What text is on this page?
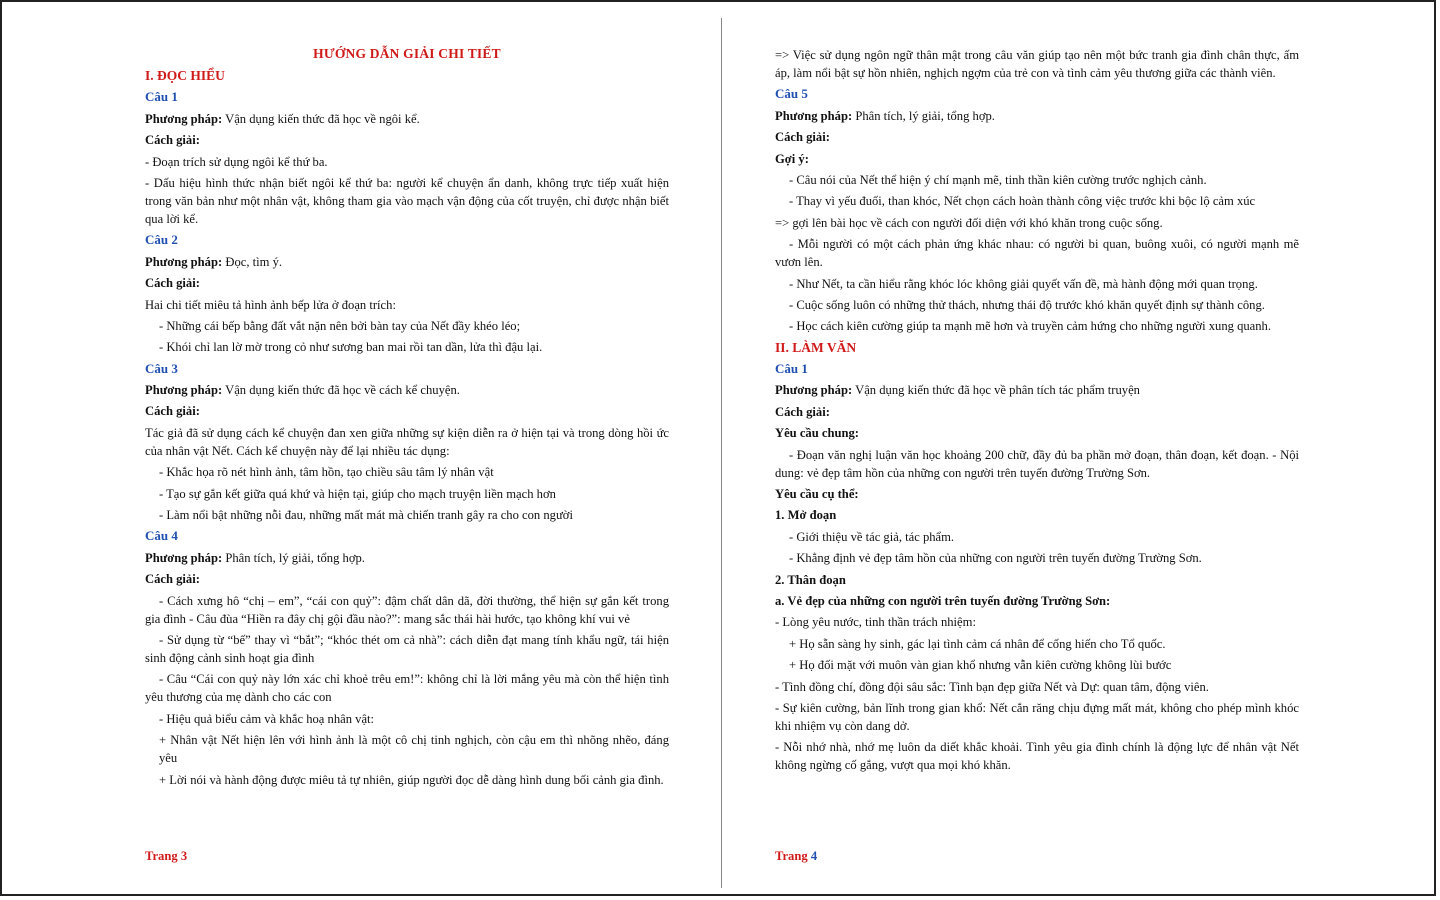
HƯỚNG DẪN GIẢI CHI TIẾT

I. ĐỌC HIỂU

Câu 1

Phương pháp: Vận dụng kiến thức đã học về ngôi kể.

Cách giải:

- Đoạn trích sử dụng ngôi kể thứ ba.

- Dấu hiệu hình thức nhận biết ngôi kể thứ ba: người kể chuyện ẩn danh, không trực tiếp xuất hiện trong văn bản như một nhân vật, không tham gia vào mạch vận động của cốt truyện, chỉ được nhận biết qua lời kể.

Câu 2

Phương pháp: Đọc, tìm ý.

Cách giải:

Hai chi tiết miêu tả hình ảnh bếp lửa ở đoạn trích:

- Những cái bếp bằng đất vắt nặn nên bởi bàn tay của Nết đầy khéo léo;

- Khói chỉ lan lờ mờ trong cỏ như sương ban mai rồi tan dần, lửa thì đậu lại.

Câu 3

Phương pháp: Vận dụng kiến thức đã học về cách kể chuyện.

Cách giải:

Tác giả đã sử dụng cách kể chuyện đan xen giữa những sự kiện diễn ra ở hiện tại và trong dòng hồi ức của nhân vật Nết. Cách kể chuyện này để lại nhiều tác dụng:

- Khắc họa rõ nét hình ảnh, tâm hồn, tạo chiều sâu tâm lý nhân vật

- Tạo sự gắn kết giữa quá khứ và hiện tại, giúp cho mạch truyện liền mạch hơn

- Làm nổi bật những nỗi đau, những mất mát mà chiến tranh gây ra cho con người

Câu 4

Phương pháp: Phân tích, lý giải, tổng hợp.

Cách giải:

- Cách xưng hô “chị – em”, “cái con quỷ”: đậm chất dân dã, đời thường, thể hiện sự gắn kết trong gia đình - Câu đùa “Hiền ra đây chị gội đầu nào?”: mang sắc thái hài hước, tạo không khí vui vẻ

- Sử dụng từ “bế” thay vì “bắt”; “khóc thét om cả nhà”: cách diễn đạt mang tính khẩu ngữ, tái hiện sinh động cảnh sinh hoạt gia đình

- Câu “Cái con quỷ này lớn xác chỉ khoẻ trêu em!”: không chỉ là lời mắng yêu mà còn thể hiện tình yêu thương của mẹ dành cho các con

- Hiệu quả biểu cảm và khắc hoạ nhân vật:

+ Nhân vật Nết hiện lên với hình ảnh là một cô chị tinh nghịch, còn cậu em thì nhõng nhẽo, đáng yêu

+ Lời nói và hành động được miêu tả tự nhiên, giúp người đọc dễ dàng hình dung bối cảnh gia đình.

Trang 3

=> Việc sử dụng ngôn ngữ thân mật trong câu văn giúp tạo nên một bức tranh gia đình chân thực, ấm áp, làm nổi bật sự hồn nhiên, nghịch ngợm của trẻ con và tình cảm yêu thương giữa các thành viên.

Câu 5

Phương pháp: Phân tích, lý giải, tổng hợp.

Cách giải:

Gợi ý:

- Câu nói của Nết thể hiện ý chí mạnh mẽ, tinh thần kiên cường trước nghịch cảnh.

- Thay vì yếu đuối, than khóc, Nết chọn cách hoàn thành công việc trước khi bộc lộ cảm xúc

=> gợi lên bài học về cách con người đối diện với khó khăn trong cuộc sống.

- Mỗi người có một cách phản ứng khác nhau: có người bi quan, buông xuôi, có người mạnh mẽ vươn lên.

- Như Nết, ta cần hiểu rằng khóc lóc không giải quyết vấn đề, mà hành động mới quan trọng.

- Cuộc sống luôn có những thử thách, nhưng thái độ trước khó khăn quyết định sự thành công.

- Học cách kiên cường giúp ta mạnh mẽ hơn và truyền cảm hứng cho những người xung quanh.

II. LÀM VĂN

Câu 1

Phương pháp: Vận dụng kiến thức đã học về phân tích tác phẩm truyện

Cách giải:

Yêu cầu chung:

- Đoạn văn nghị luận văn học khoảng 200 chữ, đầy đủ ba phần mở đoạn, thân đoạn, kết đoạn. - Nội dung: vẻ đẹp tâm hồn của những con người trên tuyến đường Trường Sơn.

Yêu cầu cụ thể:

1. Mở đoạn

- Giới thiệu về tác giả, tác phẩm.

- Khẳng định vẻ đẹp tâm hồn của những con người trên tuyến đường Trường Sơn.

2. Thân đoạn

a. Vẻ đẹp của những con người trên tuyến đường Trường Sơn:

- Lòng yêu nước, tinh thần trách nhiệm:

+ Họ sẵn sàng hy sinh, gác lại tình cảm cá nhân để cống hiến cho Tổ quốc.

+ Họ đối mặt với muôn vàn gian khổ nhưng vẫn kiên cường không lùi bước

- Tình đồng chí, đồng đội sâu sắc: Tình bạn đẹp giữa Nết và Dự: quan tâm, động viên.

- Sự kiên cường, bản lĩnh trong gian khổ: Nết cắn răng chịu đựng mất mát, không cho phép mình khóc khi nhiệm vụ còn dang dở.

- Nỗi nhớ nhà, nhớ mẹ luôn da diết khắc khoải. Tình yêu gia đình chính là động lực để nhân vật Nết không ngừng cố gắng, vượt qua mọi khó khăn.

Trang 4
